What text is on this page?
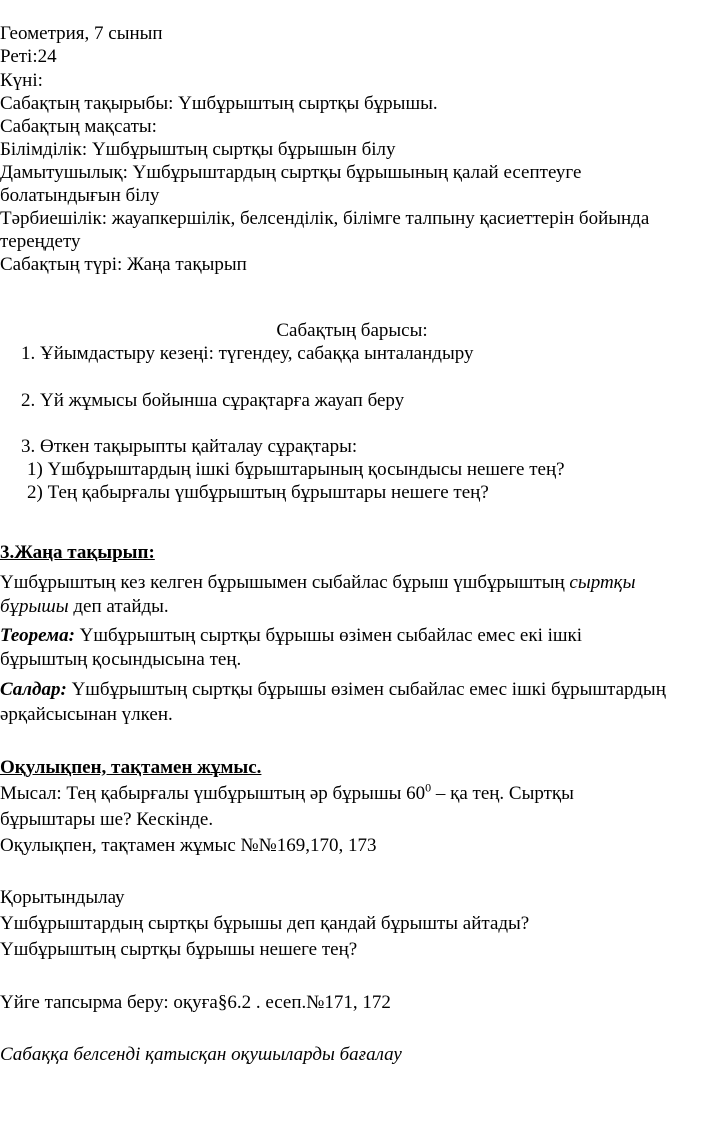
Геометрия, 7 сынып
Реті:24
Күні:
Сабақтың тақырыбы: Үшбұрыштың сыртқы бұрышы.
Сабақтың мақсаты:
Білімділік: Үшбұрыштың сыртқы бұрышын білу
Дамытушылық: Үшбұрыштардың сыртқы бұрышының қалай есептеуге
болатындығын білу
Тәрбиешілік: жауапкершілік, белсенділік, білімге талпыну қасиеттерін бойында
тереңдету
Сабақтың түрі: Жаңа тақырып
Сабақтың барысы:
1. Ұйымдастыру кезеңі: түгендеу, сабаққа ынталандыру
2. Үй жұмысы бойынша сұрақтарға жауап беру
3. Өткен тақырыпты қайталау сұрақтары:
1) Үшбұрыштардың ішкі бұрыштарының қосындысы нешеге тең?
2) Тең қабырғалы үшбұрыштың бұрыштары нешеге тең?
3.Жаңа тақырып:
Үшбұрыштың кез келген бұрышымен сыбайлас бұрыш үшбұрыштың сыртқы
бұрышы деп атайды.
Теорема: Үшбұрыштың сыртқы бұрышы өзімен сыбайлас емес екі ішкі
бұрыштың қосындысына тең.
Салдар: Үшбұрыштың сыртқы бұрышы өзімен сыбайлас емес ішкі бұрыштардың
әрқайсысынан үлкен.
Оқулықпен, тақтамен жұмыс.
Мысал: Тең қабырғалы үшбұрыштың әр бұрышы $60^0$ – қа тең. Сыртқы
бұрыштары ше? Кескінде.
Оқулықпен, тақтамен жұмыс №№169,170, 173
Қорытындылау
Үшбұрыштардың сыртқы бұрышы деп қандай бұрышты айтады?
Үшбұрыштың сыртқы бұрышы нешеге тең?
Үйге тапсырма беру: оқуға§6.2 . есеп.№171, 172
Сабаққа белсенді қатысқан оқушыларды бағалау
